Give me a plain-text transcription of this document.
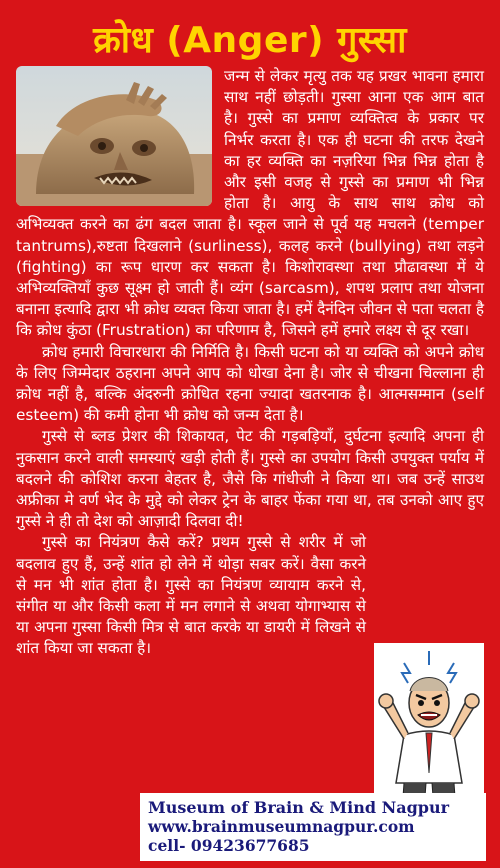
क्रोध (Anger) गुस्सा

जन्म से लेकर मृत्यु तक यह प्रखर भावना हमारा साथ नहीं छोड़ती। गुस्सा आना एक आम बात है। गुस्से का प्रमाण व्यक्तित्व के प्रकार पर निर्भर करता है। एक ही घटना की तरफ देखने का हर व्यक्ति का नज़रिया भिन्न भिन्न होता है और इसी वजह से गुस्से का प्रमाण भी भिन्न होता है। आयु के साथ साथ क्रोध को अभिव्यक्त करने का ढंग बदल जाता है। स्कूल जाने से पूर्व यह मचलने (temper tantrums),रुष्टता दिखलाने (surliness), कलह करने (bullying) तथा लड़ने (fighting) का रूप धारण कर सकता है। किशोरावस्था तथा प्रौढावस्था में ये अभिव्यक्तियाँ कुछ सूक्ष्म हो जाती हैं। व्यंग (sarcasm), शपथ प्रलाप तथा योजना बनाना इत्यादि द्वारा भी क्रोध व्यक्त किया जाता है। हमें दैनंदिन जीवन से पता चलता है कि क्रोध कुंठा (Frustration) का परिणाम है, जिसने हमें हमारे लक्ष्य से दूर रखा।

क्रोध हमारी विचारधारा की निर्मिति है। किसी घटना को या व्यक्ति को अपने क्रोध के लिए जिम्मेदार ठहराना अपने आप को धोखा देना है। जोर से चीखना चिल्लाना ही क्रोध नहीं है, बल्कि अंदरुनी क्रोधित रहना ज्यादा खतरनाक है। आत्मसम्मान (self esteem) की कमी होना भी क्रोध को जन्म देता है।

गुस्से से ब्लड प्रेशर की शिकायत, पेट की गड़बड़ियाँ, दुर्घटना इत्यादि अपना ही नुकसान करने वाली समस्याएं खड़ी होती हैं। गुस्से का उपयोग किसी उपयुक्त पर्याय में बदलने की कोशिश करना बेहतर है, जैसे कि गांधीजी ने किया था। जब उन्हें साउथ अफ्रीका मे वर्ण भेद के मुद्दे को लेकर ट्रेन के बाहर फेंका गया था, तब उनको आए हुए गुस्से ने ही तो देश को आज़ादी दिलवा दी!

गुस्से का नियंत्रण कैसे करें? प्रथम गुस्से से शरीर में जो बदलाव हुए हैं, उन्हें शांत हो लेने में थोड़ा सबर करें। वैसा करने से मन भी शांत होता है। गुस्से का नियंत्रण व्यायाम करने से, संगीत या और किसी कला में मन लगाने से अथवा योगाभ्यास से या अपना गुस्सा किसी मित्र से बात करके या डायरी में लिखने से शांत किया जा सकता है।

Museum of Brain & Mind Nagpur
www.brainmuseumnagpur.com
cell- 09423677685
